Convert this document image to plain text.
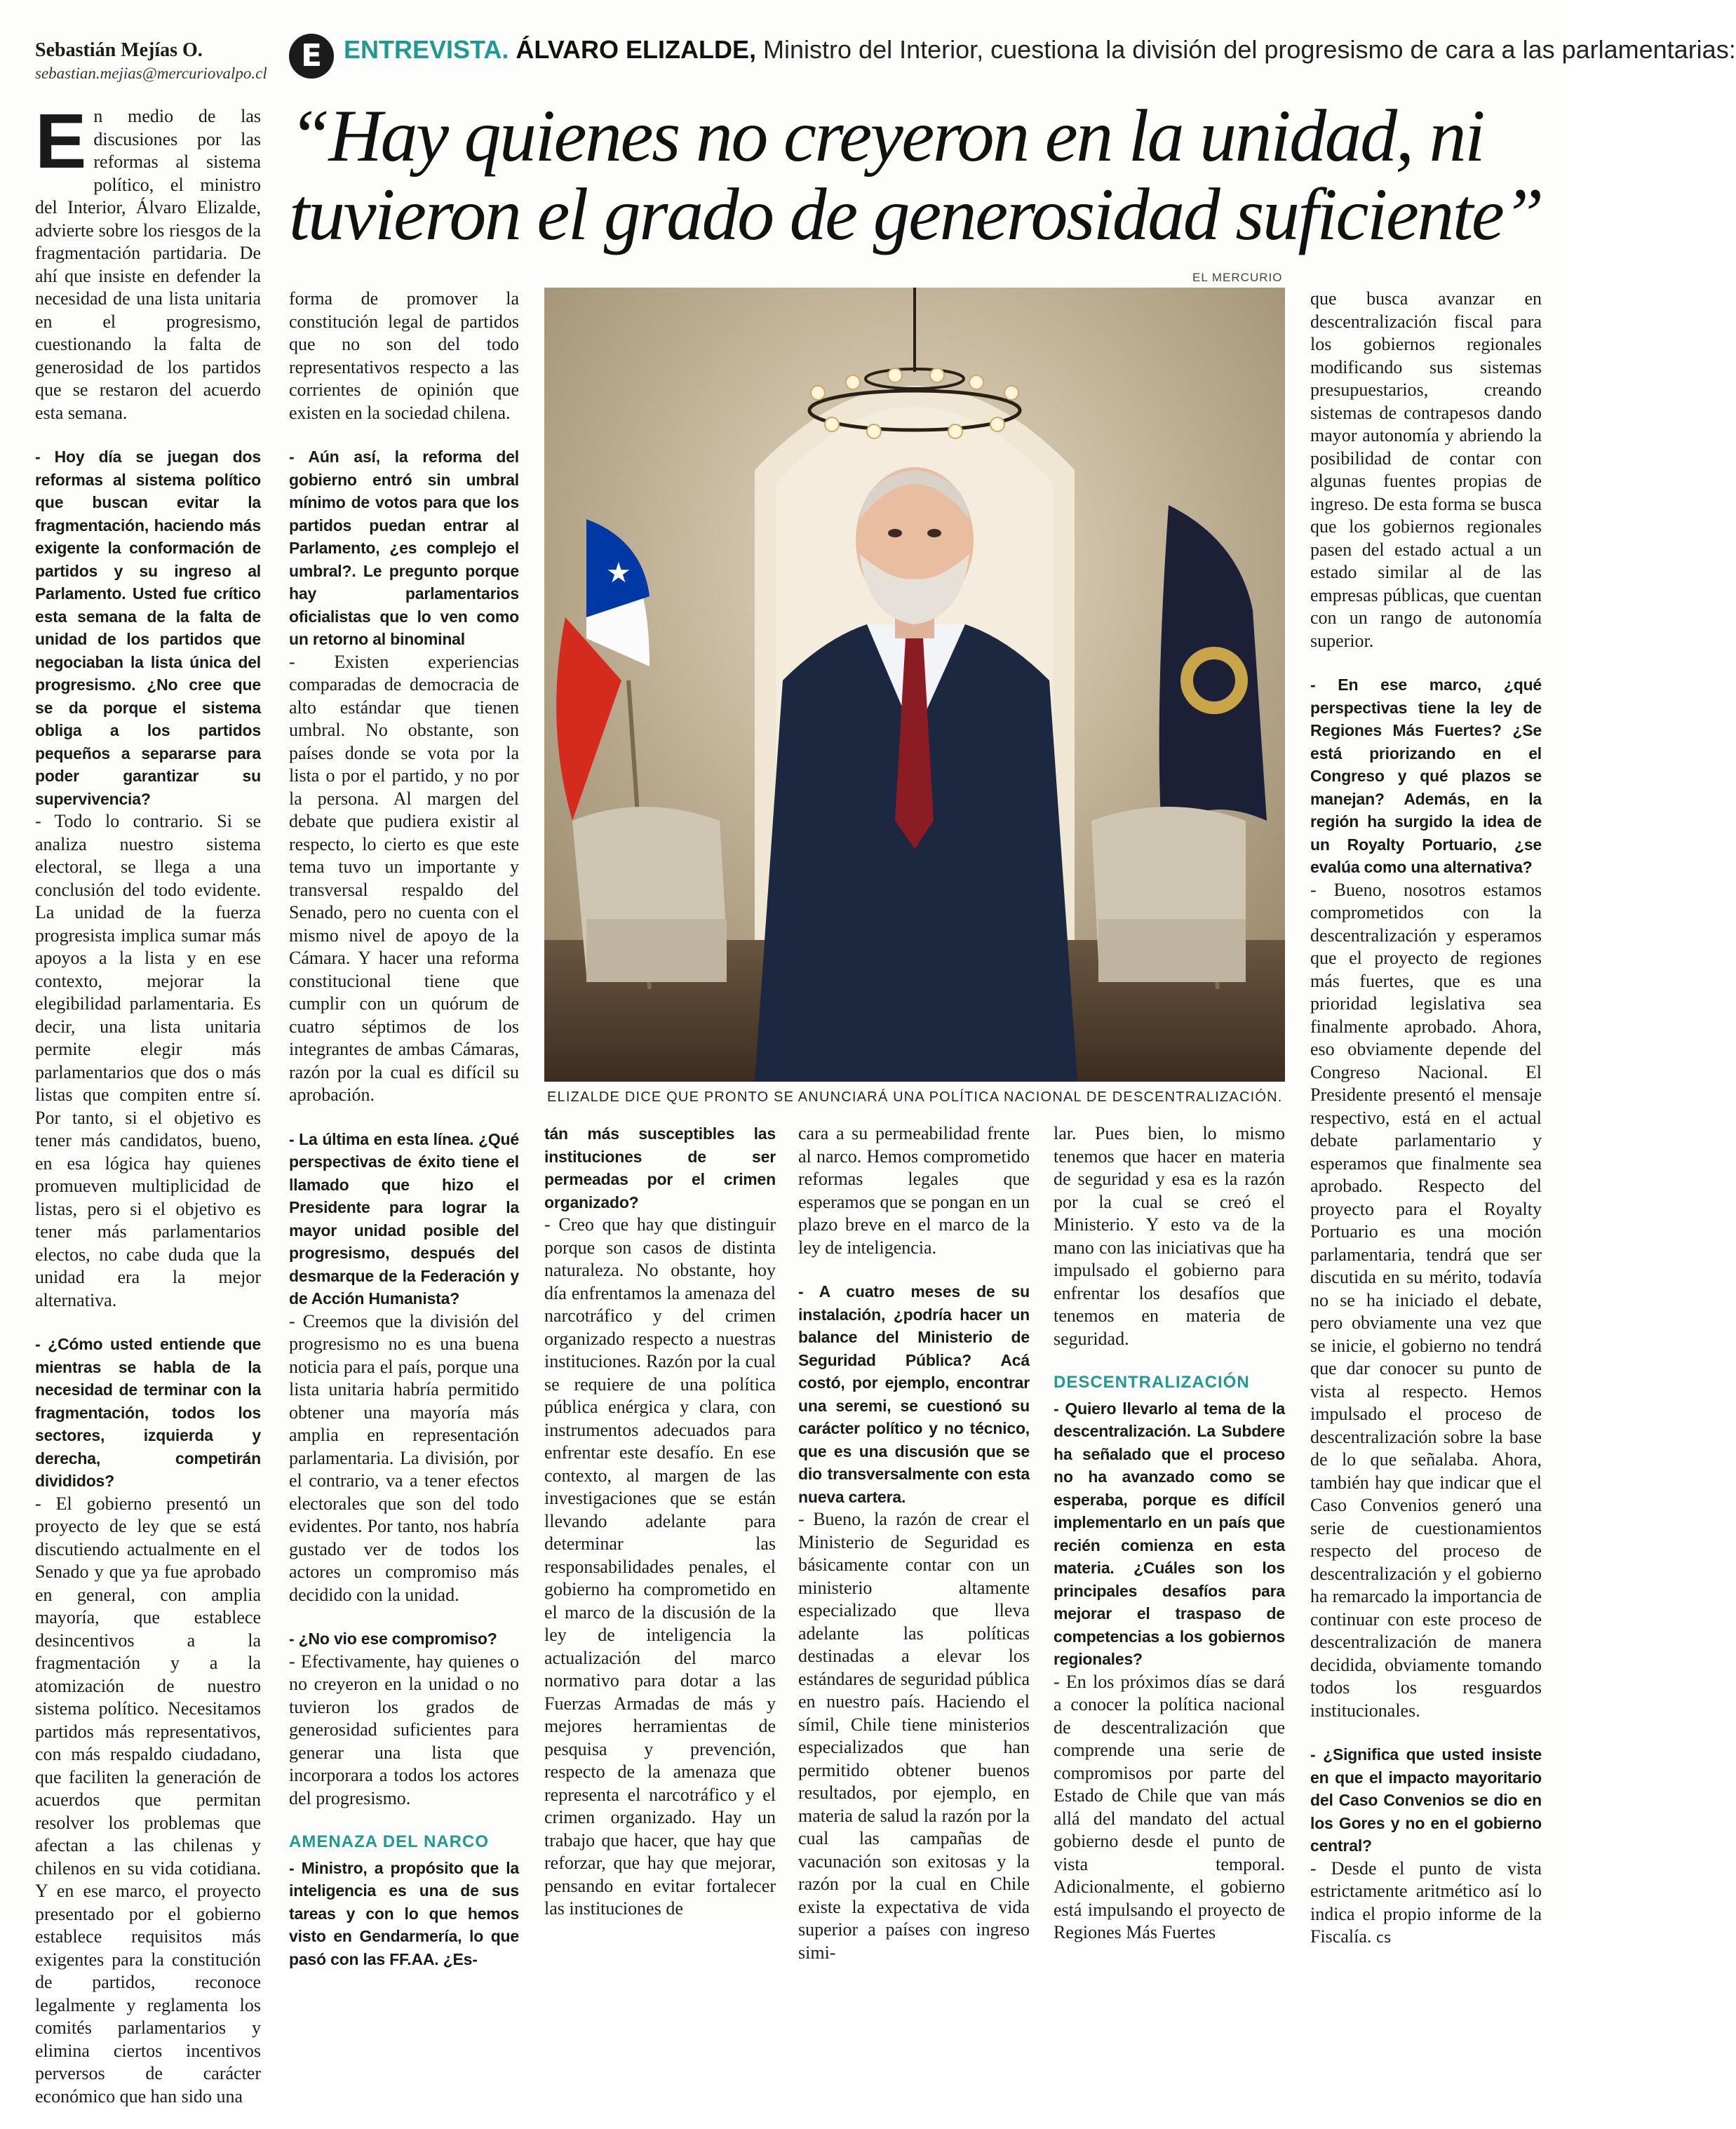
Sebastián Mejías O.
sebastian.mejias@mercuriovalpo.cl	E ENTREVISTA. ÁLVARO ELIZALDE, Ministro del Interior, cuestiona la división del progresismo de cara a las parlamentarias:
“Hay quienes no creyeron en la unidad, ni tuvieron el grado de generosidad suficiente”
EL MERCURIO
★
ELIZALDE DICE QUE PRONTO SE ANUNCIARÁ UNA POLÍTICA NACIONAL DE DESCENTRALIZACIÓN.

En medio de las discusiones por las reformas al sistema político, el ministro del Interior, Álvaro Elizalde, advierte sobre los riesgos de la fragmentación partidaria. De ahí que insiste en defender la necesidad de una lista unitaria en el progresismo, cuestionando la falta de generosidad de los partidos que se restaron del acuerdo esta semana.

- Hoy día se juegan dos reformas al sistema político que buscan evitar la fragmentación, haciendo más exigente la conformación de partidos y su ingreso al Parlamento. Usted fue crítico esta semana de la falta de unidad de los partidos que negociaban la lista única del progresismo. ¿No cree que se da porque el sistema obliga a los partidos pequeños a separarse para poder garantizar su supervivencia?

- Todo lo contrario. Si se analiza nuestro sistema electoral, se llega a una conclusión del todo evidente. La unidad de la fuerza progresista implica sumar más apoyos a la lista y en ese contexto, mejorar la elegibilidad parlamentaria. Es decir, una lista unitaria permite elegir más parlamentarios que dos o más listas que compiten entre sí. Por tanto, si el objetivo es tener más candidatos, bueno, en esa lógica hay quienes promueven multiplicidad de listas, pero si el objetivo es tener más parlamentarios electos, no cabe duda que la unidad era la mejor alternativa.

- ¿Cómo usted entiende que mientras se habla de la necesidad de terminar con la fragmentación, todos los sectores, izquierda y derecha, competirán divididos?

- El gobierno presentó un proyecto de ley que se está discutiendo actualmente en el Senado y que ya fue aprobado en general, con amplia mayoría, que establece desincentivos a la fragmentación y a la atomización de nuestro sistema político. Necesitamos partidos más representativos, con más respaldo ciudadano, que faciliten la generación de acuerdos que permitan resolver los problemas que afectan a las chilenas y chilenos en su vida cotidiana. Y en ese marco, el proyecto presentado por el gobierno establece requisitos más exigentes para la constitución de partidos, reconoce legalmente y reglamenta los comités parlamentarios y elimina ciertos incentivos perversos de carácter económico que han sido una

forma de promover la constitución legal de partidos que no son del todo representativos respecto a las corrientes de opinión que existen en la sociedad chilena.

- Aún así, la reforma del gobierno entró sin umbral mínimo de votos para que los partidos puedan entrar al Parlamento, ¿es complejo el umbral?. Le pregunto porque hay parlamentarios oficialistas que lo ven como un retorno al binominal

- Existen experiencias comparadas de democracia de alto estándar que tienen umbral. No obstante, son países donde se vota por la lista o por el partido, y no por la persona. Al margen del debate que pudiera existir al respecto, lo cierto es que este tema tuvo un importante y transversal respaldo del Senado, pero no cuenta con el mismo nivel de apoyo de la Cámara. Y hacer una reforma constitucional tiene que cumplir con un quórum de cuatro séptimos de los integrantes de ambas Cámaras, razón por la cual es difícil su aprobación.

- La última en esta línea. ¿Qué perspectivas de éxito tiene el llamado que hizo el Presidente para lograr la mayor unidad posible del progresismo, después del desmarque de la Federación y de Acción Humanista?

- Creemos que la división del progresismo no es una buena noticia para el país, porque una lista unitaria habría permitido obtener una mayoría más amplia en representación parlamentaria. La división, por el contrario, va a tener efectos electorales que son del todo evidentes. Por tanto, nos habría gustado ver de todos los actores un compromiso más decidido con la unidad.

- ¿No vio ese compromiso?

- Efectivamente, hay quienes o no creyeron en la unidad o no tuvieron los grados de generosidad suficientes para generar una lista que incorporara a todos los actores del progresismo.

AMENAZA DEL NARCO

- Ministro, a propósito que la inteligencia es una de sus tareas y con lo que hemos visto en Gendarmería, lo que pasó con las FF.AA. ¿Es-

tán más susceptibles las instituciones de ser permeadas por el crimen organizado?

- Creo que hay que distinguir porque son casos de distinta naturaleza. No obstante, hoy día enfrentamos la amenaza del narcotráfico y del crimen organizado respecto a nuestras instituciones. Razón por la cual se requiere de una política pública enérgica y clara, con instrumentos adecuados para enfrentar este desafío. En ese contexto, al margen de las investigaciones que se están llevando adelante para determinar las responsabilidades penales, el gobierno ha comprometido en el marco de la discusión de la ley de inteligencia la actualización del marco normativo para dotar a las Fuerzas Armadas de más y mejores herramientas de pesquisa y prevención, respecto de la amenaza que representa el narcotráfico y el crimen organizado. Hay un trabajo que hacer, que hay que reforzar, que hay que mejorar, pensando en evitar fortalecer las instituciones de

cara a su permeabilidad frente al narco. Hemos comprometido reformas legales que esperamos que se pongan en un plazo breve en el marco de la ley de inteligencia.

- A cuatro meses de su instalación, ¿podría hacer un balance del Ministerio de Seguridad Pública? Acá costó, por ejemplo, encontrar una seremi, se cuestionó su carácter político y no técnico, que es una discusión que se dio transversalmente con esta nueva cartera.

- Bueno, la razón de crear el Ministerio de Seguridad es básicamente contar con un ministerio altamente especializado que lleva adelante las políticas destinadas a elevar los estándares de seguridad pública en nuestro país. Haciendo el símil, Chile tiene ministerios especializados que han permitido obtener buenos resultados, por ejemplo, en materia de salud la razón por la cual las campañas de vacunación son exitosas y la razón por la cual en Chile existe la expectativa de vida superior a países con ingreso simi-

lar. Pues bien, lo mismo tenemos que hacer en materia de seguridad y esa es la razón por la cual se creó el Ministerio. Y esto va de la mano con las iniciativas que ha impulsado el gobierno para enfrentar los desafíos que tenemos en materia de seguridad.

DESCENTRALIZACIÓN

- Quiero llevarlo al tema de la descentralización. La Subdere ha señalado que el proceso no ha avanzado como se esperaba, porque es difícil implementarlo en un país que recién comienza en esta materia. ¿Cuáles son los principales desafíos para mejorar el traspaso de competencias a los gobiernos regionales?

- En los próximos días se dará a conocer la política nacional de descentralización que comprende una serie de compromisos por parte del Estado de Chile que van más allá del mandato del actual gobierno desde el punto de vista temporal. Adicionalmente, el gobierno está impulsando el proyecto de Regiones Más Fuertes

que busca avanzar en descentralización fiscal para los gobiernos regionales modificando sus sistemas presupuestarios, creando sistemas de contrapesos dando mayor autonomía y abriendo la posibilidad de contar con algunas fuentes propias de ingreso. De esta forma se busca que los gobiernos regionales pasen del estado actual a un estado similar al de las empresas públicas, que cuentan con un rango de autonomía superior.

- En ese marco, ¿qué perspectivas tiene la ley de Regiones Más Fuertes? ¿Se está priorizando en el Congreso y qué plazos se manejan? Además, en la región ha surgido la idea de un Royalty Portuario, ¿se evalúa como una alternativa?

- Bueno, nosotros estamos comprometidos con la descentralización y esperamos que el proyecto de regiones más fuertes, que es una prioridad legislativa sea finalmente aprobado. Ahora, eso obviamente depende del Congreso Nacional. El Presidente presentó el mensaje respectivo, está en el actual debate parlamentario y esperamos que finalmente sea aprobado. Respecto del proyecto para el Royalty Portuario es una moción parlamentaria, tendrá que ser discutida en su mérito, todavía no se ha iniciado el debate, pero obviamente una vez que se inicie, el gobierno no tendrá que dar conocer su punto de vista al respecto. Hemos impulsado el proceso de descentralización sobre la base de lo que señalaba. Ahora, también hay que indicar que el Caso Convenios generó una serie de cuestionamientos respecto del proceso de descentralización y el gobierno ha remarcado la importancia de continuar con este proceso de descentralización de manera decidida, obviamente tomando todos los resguardos institucionales.

- ¿Significa que usted insiste en que el impacto mayoritario del Caso Convenios se dio en los Gores y no en el gobierno central?

- Desde el punto de vista estrictamente aritmético así lo indica el propio informe de la Fiscalía. cs
